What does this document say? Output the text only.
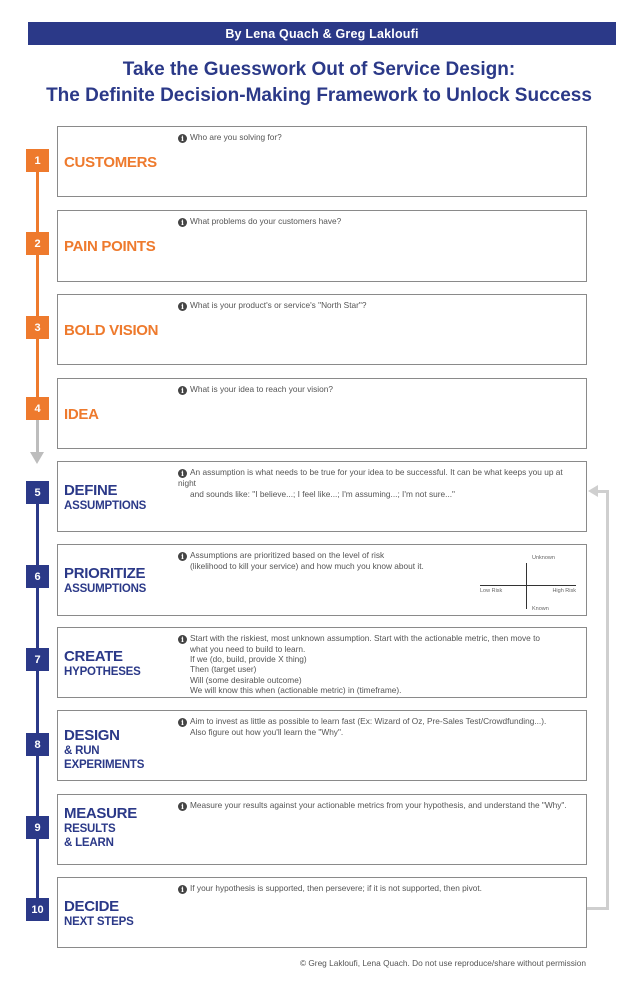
By Lena Quach & Greg Lakloufi
Take the Guesswork Out of Service Design:
The Definite Decision-Making Framework to Unlock Success
1	CUSTOMERS
i Who are you solving for?
2	PAIN POINTS
i What problems do your customers have?
3	BOLD VISION
i What is your product's or service's "North Star"?
4	IDEA
i What is your idea to reach your vision?
5	DEFINE
ASSUMPTIONS
i An assumption is what needs to be true for your idea to be successful. It can be what keeps you up at night
and sounds like: "I believe...; I feel like...; I'm assuming...; I'm not sure..."
6	PRIORITIZE
ASSUMPTIONS
i Assumptions are prioritized based on the level of risk
(likelihood to kill your service) and how much you know about it.
Unknown
Known
Low Risk	High Risk
7	CREATE
HYPOTHESES
i Start with the riskiest, most unknown assumption. Start with the actionable metric, then move to
what you need to build to learn.
If we (do, build, provide X thing)
Then (target user)
Will (some desirable outcome)
We will know this when (actionable metric) in (timeframe).
8
DESIGN
& RUN
EXPERIMENTS
i Aim to invest as little as possible to learn fast (Ex: Wizard of Oz, Pre-Sales Test/Crowdfunding...).
Also figure out how you'll learn the "Why".
9
MEASURE
RESULTS
& LEARN
i Measure your results against your actionable metrics from your hypothesis, and understand the "Why".
10	DECIDE
NEXT STEPS
i If your hypothesis is supported, then persevere; if it is not supported, then pivot.
© Greg Lakloufi, Lena Quach. Do not use reproduce/share without permission
